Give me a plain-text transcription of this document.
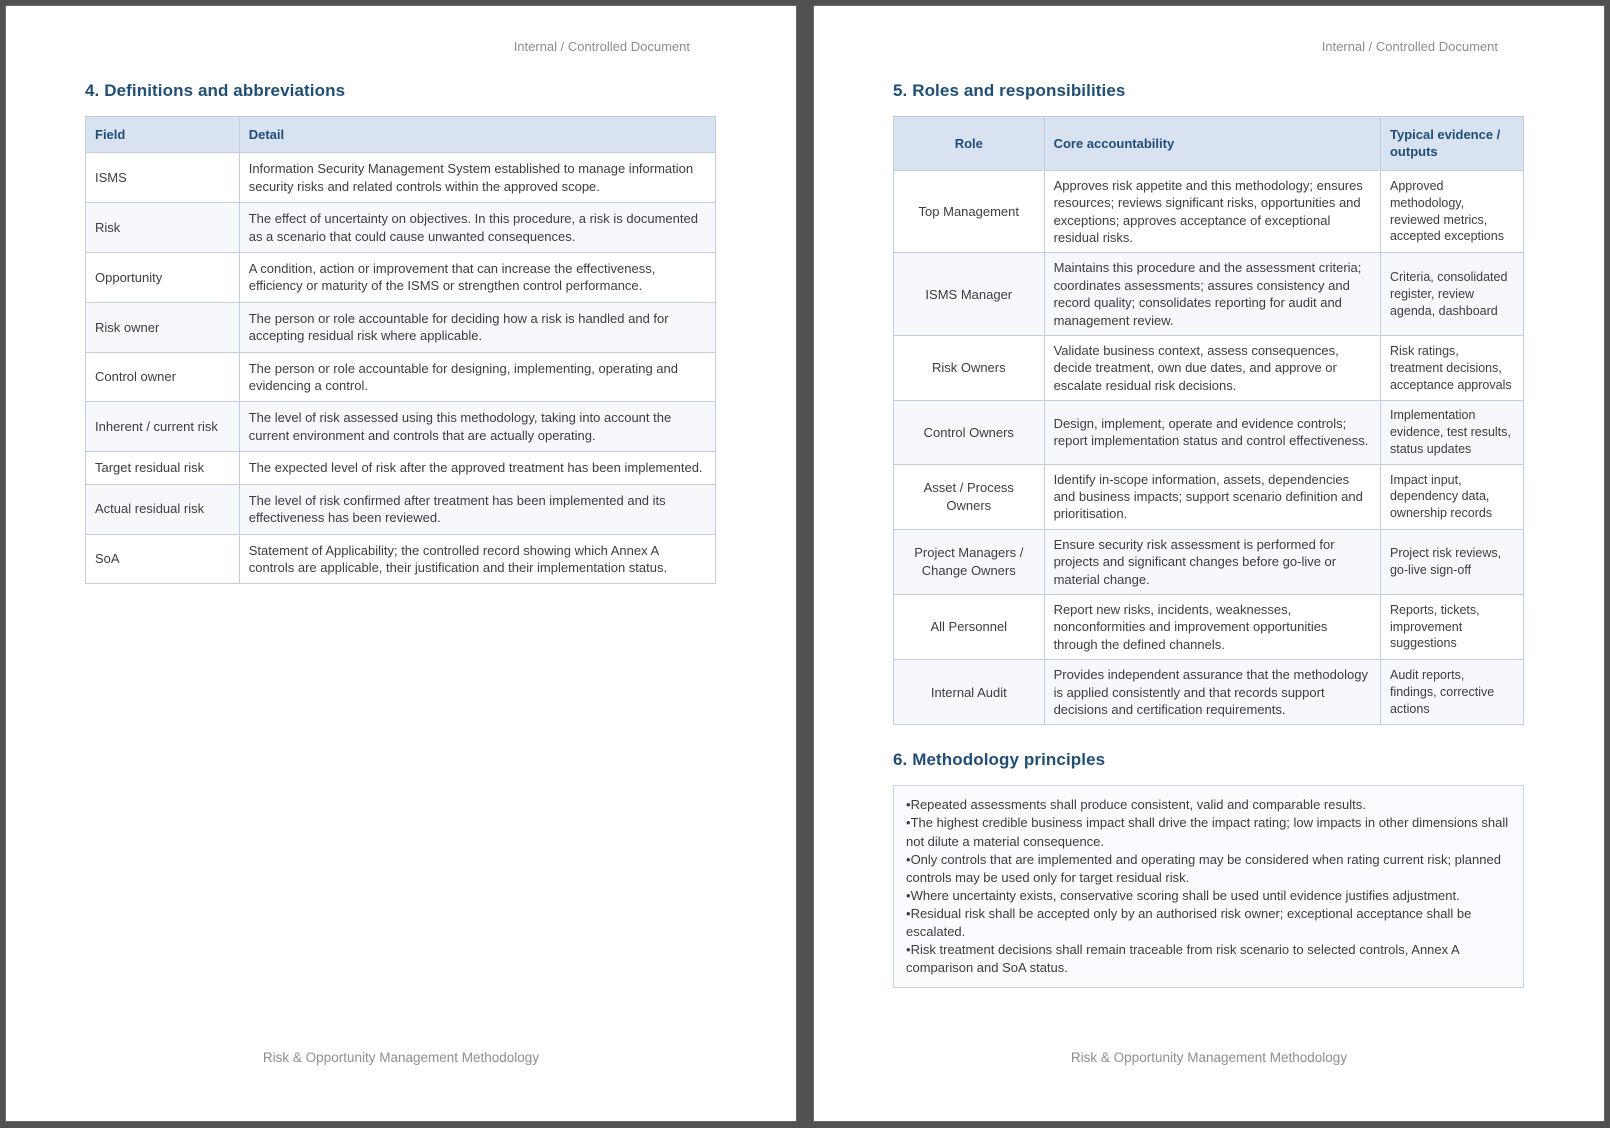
Internal / Controlled Document
4. Definitions and abbreviations
Field	Detail
ISMS	Information Security Management System established to manage information security risks and related controls within the approved scope.
Risk	The effect of uncertainty on objectives. In this procedure, a risk is documented as a scenario that could cause unwanted consequences.
Opportunity	A condition, action or improvement that can increase the effectiveness, efficiency or maturity of the ISMS or strengthen control performance.
Risk owner	The person or role accountable for deciding how a risk is handled and for accepting residual risk where applicable.
Control owner	The person or role accountable for designing, implementing, operating and evidencing a control.
Inherent / current risk	The level of risk assessed using this methodology, taking into account the current environment and controls that are actually operating.
Target residual risk	The expected level of risk after the approved treatment has been implemented.
Actual residual risk	The level of risk confirmed after treatment has been implemented and its effectiveness has been reviewed.
SoA	Statement of Applicability; the controlled record showing which Annex A controls are applicable, their justification and their implementation status.
Risk & Opportunity Management Methodology
Internal / Controlled Document
5. Roles and responsibilities
Role	Core accountability	Typical evidence / outputs
Top Management	Approves risk appetite and this methodology; ensures resources; reviews significant risks, opportunities and exceptions; approves acceptance of exceptional residual risks.	Approved methodology, reviewed metrics, accepted exceptions
ISMS Manager	Maintains this procedure and the assessment criteria; coordinates assessments; assures consistency and record quality; consolidates reporting for audit and management review.	Criteria, consolidated register, review agenda, dashboard
Risk Owners	Validate business context, assess consequences, decide treatment, own due dates, and approve or escalate residual risk decisions.	Risk ratings, treatment decisions, acceptance approvals
Control Owners	Design, implement, operate and evidence controls; report implementation status and control effectiveness.	Implementation evidence, test results, status updates
Asset / Process Owners	Identify in-scope information, assets, dependencies and business impacts; support scenario definition and prioritisation.	Impact input, dependency data, ownership records
Project Managers / Change Owners	Ensure security risk assessment is performed for projects and significant changes before go-live or material change.	Project risk reviews, go-live sign-off
All Personnel	Report new risks, incidents, weaknesses, nonconformities and improvement opportunities through the defined channels.	Reports, tickets, improvement suggestions
Internal Audit	Provides independent assurance that the methodology is applied consistently and that records support decisions and certification requirements.	Audit reports, findings, corrective actions
6. Methodology principles

• Repeated assessments shall produce consistent, valid and comparable results.

• The highest credible business impact shall drive the impact rating; low impacts in other dimensions shall not dilute a material consequence.

• Only controls that are implemented and operating may be considered when rating current risk; planned controls may be used only for target residual risk.

• Where uncertainty exists, conservative scoring shall be used until evidence justifies adjustment.

• Residual risk shall be accepted only by an authorised risk owner; exceptional acceptance shall be escalated.

• Risk treatment decisions shall remain traceable from risk scenario to selected controls, Annex A comparison and SoA status.

Risk & Opportunity Management Methodology
